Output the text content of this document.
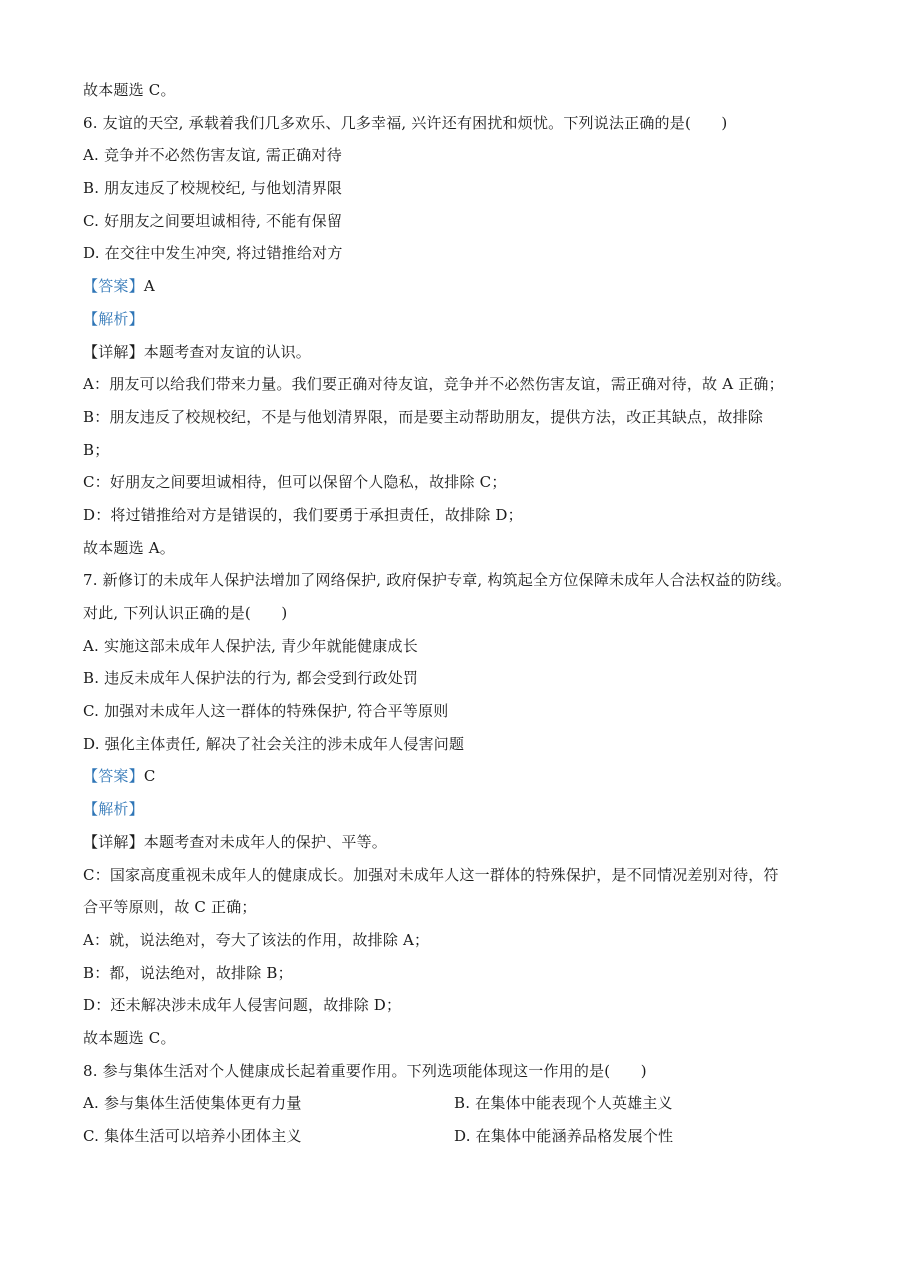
故本题选 C。
6. 友谊的天空, 承载着我们几多欢乐、几多幸福, 兴许还有困扰和烦忧。下列说法正确的是(　　)
A. 竞争并不必然伤害友谊, 需正确对待
B. 朋友违反了校规校纪, 与他划清界限
C. 好朋友之间要坦诚相待, 不能有保留
D. 在交往中发生冲突, 将过错推给对方
【答案】A
【解析】
【详解】本题考查对友谊的认识。
A：朋友可以给我们带来力量。我们要正确对待友谊，竞争并不必然伤害友谊，需正确对待，故 A 正确；
B：朋友违反了校规校纪，不是与他划清界限，而是要主动帮助朋友，提供方法，改正其缺点，故排除
B；
C：好朋友之间要坦诚相待，但可以保留个人隐私，故排除 C；
D：将过错推给对方是错误的，我们要勇于承担责任，故排除 D；
故本题选 A。
7. 新修订的未成年人保护法增加了网络保护, 政府保护专章, 构筑起全方位保障未成年人合法权益的防线。
对此, 下列认识正确的是(　　)
A. 实施这部未成年人保护法, 青少年就能健康成长
B. 违反未成年人保护法的行为, 都会受到行政处罚
C. 加强对未成年人这一群体的特殊保护, 符合平等原则
D. 强化主体责任, 解决了社会关注的涉未成年人侵害问题
【答案】C
【解析】
【详解】本题考查对未成年人的保护、平等。
C：国家高度重视未成年人的健康成长。加强对未成年人这一群体的特殊保护，是不同情况差别对待，符
合平等原则，故 C 正确；
A：就，说法绝对，夸大了该法的作用，故排除 A；
B：都，说法绝对，故排除 B；
D：还未解决涉未成年人侵害问题，故排除 D；
故本题选 C。
8. 参与集体生活对个人健康成长起着重要作用。下列选项能体现这一作用的是(　　)
A. 参与集体生活使集体更有力量	B. 在集体中能表现个人英雄主义
C. 集体生活可以培养小团体主义	D. 在集体中能涵养品格发展个性
